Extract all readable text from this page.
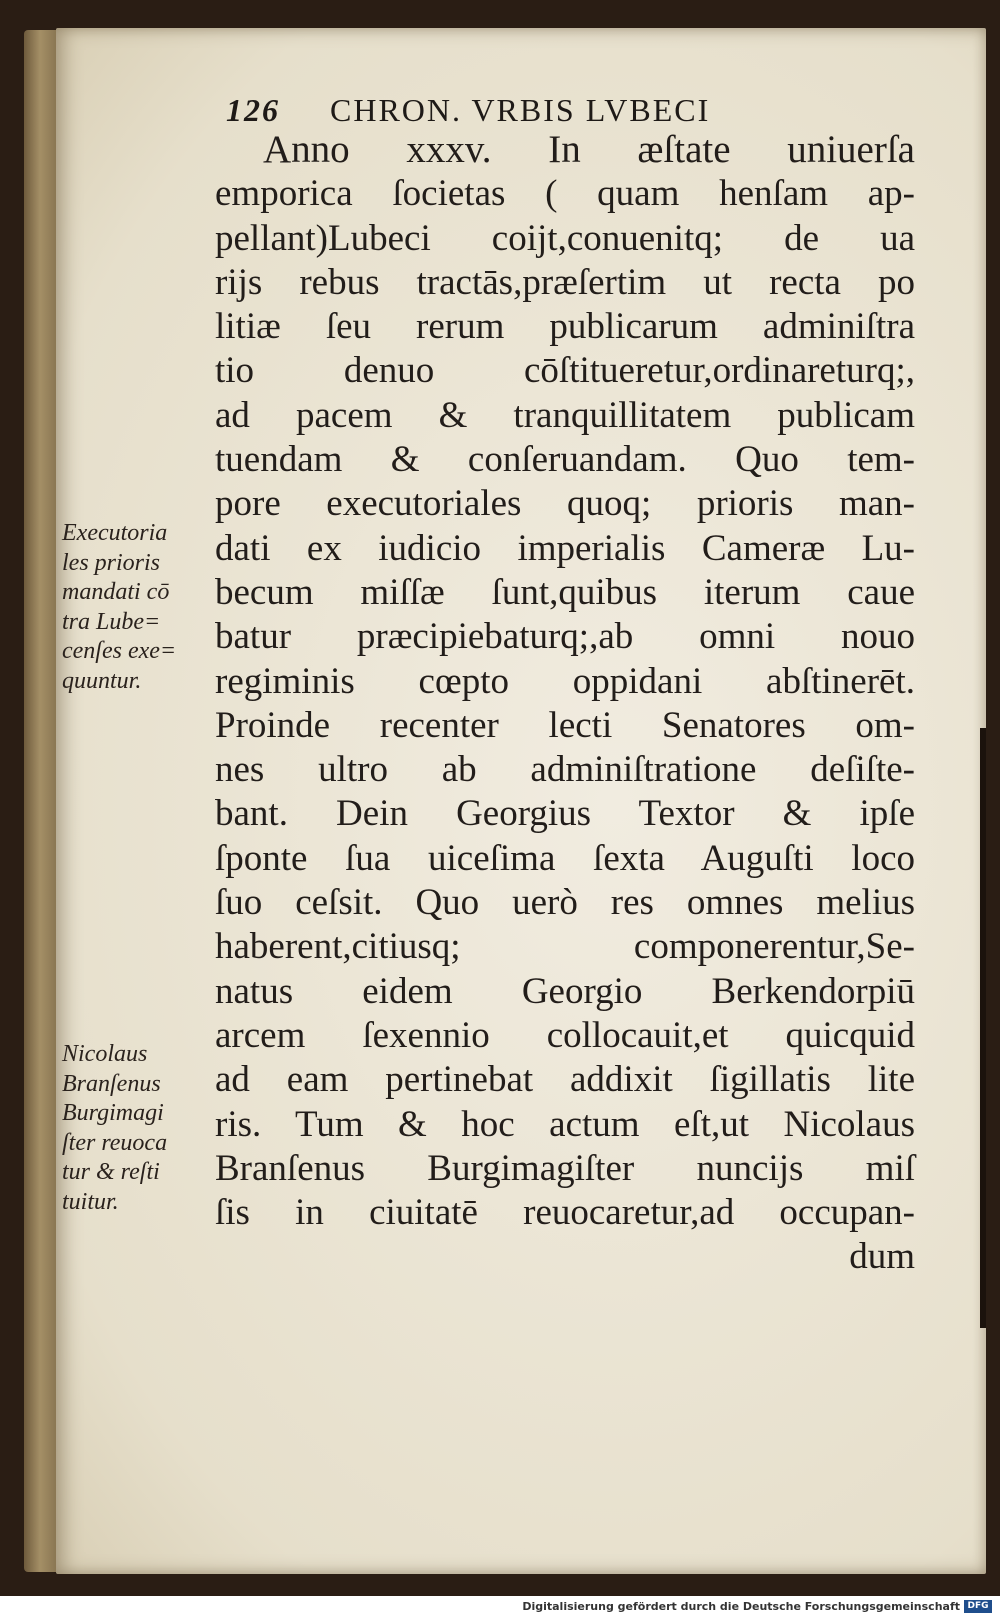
126 CHRON. VRBIS LVBECI
Anno xxxv. In æſtate uniuerſa
emporica ſocietas ( quam henſam ap-
pellant)Lubeci coijt,conuenitq; de ua
rijs rebus tractās,præſertim ut recta po
litiæ ſeu rerum publicarum adminiſtra
tio denuo cōſtitueretur,ordinareturq;,
ad pacem & tranquillitatem publicam
tuendam & conſeruandam. Quo tem-
pore executoriales quoq; prioris man-
dati ex iudicio imperialis Cameræ Lu-
becum miſſæ ſunt,quibus iterum caue
batur præcipiebaturq;,ab omni nouo
regiminis cœpto oppidani abſtinerēt.
Proinde recenter lecti Senatores om-
nes ultro ab adminiſtratione deſiſte-
bant. Dein Georgius Textor & ipſe
ſponte ſua uiceſima ſexta Auguſti loco
ſuo ceſsit. Quo uerò res omnes melius
haberent,citiusq; componerentur,Se-
natus eidem Georgio Berkendorpiū
arcem ſexennio collocauit,et quicquid
ad eam pertinebat addixit ſigillatis lite
ris. Tum & hoc actum eſt,ut Nicolaus
Branſenus Burgimagiſter nuncijs miſ
ſis in ciuitatē reuocaretur,ad occupan-
dum
Executoria
les prioris
mandati cō
tra Lube=
cenſes exe=
quuntur.
Nicolaus
Branſenus
Burgimagi
ſter reuoca
tur & reſti
tuitur.
Digitalisierung gefördert durch die Deutsche Forschungsgemeinschaft DFG
